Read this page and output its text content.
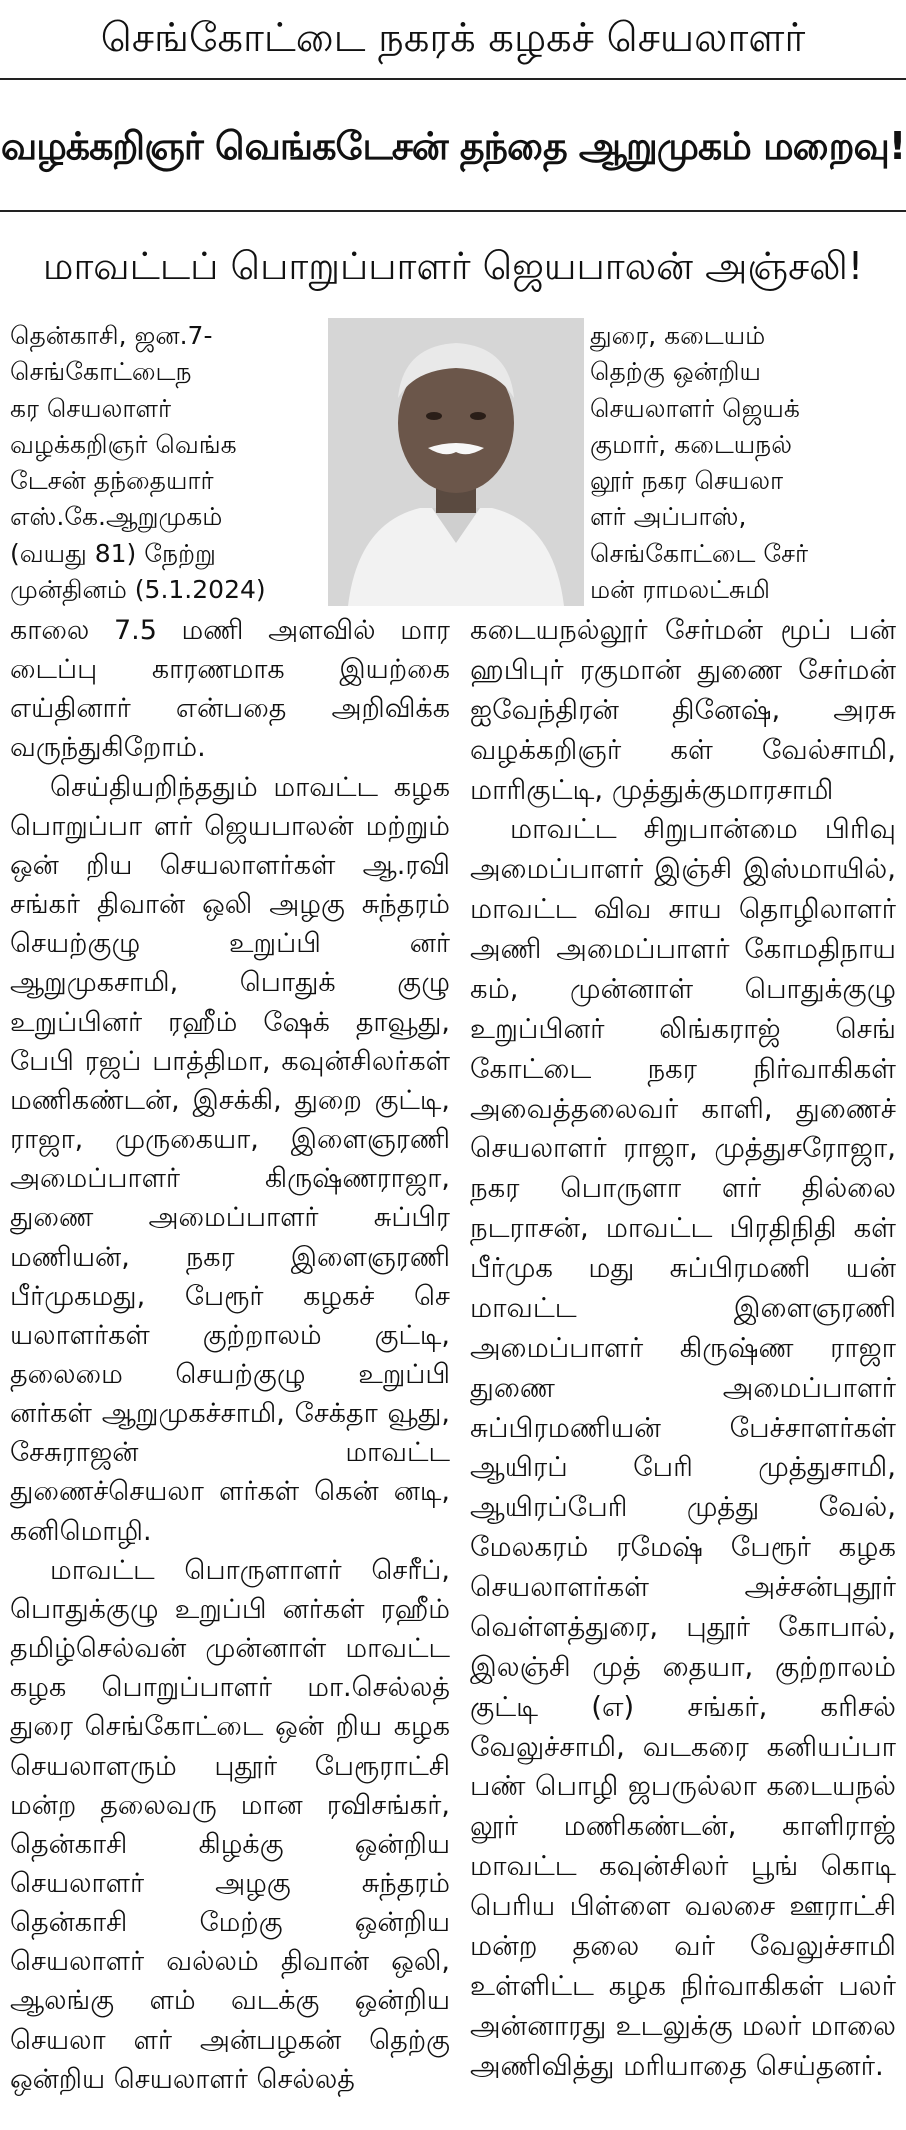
செங்கோட்டை நகரக் கழகச் செயலாளர்
வழக்கறிஞர் வெங்கடேசன் தந்தை ஆறுமுகம் மறைவு!
மாவட்டப் பொறுப்பாளர் ஜெயபாலன் அஞ்சலி!

தென்காசி, ஜன.7-

செங்கோட்டைந

கர செயலாளர்

வழக்கறிஞர் வெங்க

டேசன் தந்தையார்

எஸ்.கே.ஆறுமுகம்

(வயது 81) நேற்று

முன்தினம் (5.1.2024)

துரை, கடையம்

தெற்கு ஒன்றிய

செயலாளர் ஜெயக்

குமார், கடையநல்

லூர் நகர செயலா

ளர் அப்பாஸ்,

செங்கோட்டை சேர்

மன் ராமலட்சுமி

காலை 7.5 மணி அளவில் மார டைப்பு காரணமாக இயற்கை எய்தினார் என்பதை அறிவிக்க வருந்துகிறோம்.

செய்தியறிந்ததும் மாவட்ட கழக பொறுப்பா ளர் ஜெயபாலன் மற்றும் ஒன் றிய செயலாளர்கள் ஆ.ரவி சங்கர் திவான் ஒலி அழகு சுந்தரம் செயற்குழு உறுப்பி னர் ஆறுமுகசாமி, பொதுக் குழு உறுப்பினர் ரஹீம் ஷேக் தாவூது, பேபி ரஜப் பாத்திமா, கவுன்சிலர்கள் மணிகண்டன், இசக்கி, துறை குட்டி, ராஜா, முருகையா, இளைஞரணி அமைப்பாளர் கிருஷ்ணராஜா, துணை அமைப்பாளர் சுப்பிர மணியன், நகர இளைஞரணி பீர்முகமது, பேரூர் கழகச் செ யலாளர்கள் குற்றாலம் குட்டி, தலைமை செயற்குழு உறுப்பி னர்கள் ஆறுமுகச்சாமி, சேக்தா வூது, சேசுராஜன் மாவட்ட துணைச்செயலா ளர்கள் கென் னடி, கனிமொழி.

மாவட்ட பொருளாளர் செரீப், பொதுக்குழு உறுப்பி னர்கள் ரஹீம் தமிழ்செல்வன் முன்னாள் மாவட்ட கழக பொறுப்பாளர் மா.செல்லத் துரை செங்கோட்டை ஒன் றிய கழக செயலாளரும் புதூர் பேரூராட்சி மன்ற தலைவரு மான ரவிசங்கர், தென்காசி கிழக்கு ஒன்றிய செயலாளர் அழகு சுந்தரம் தென்காசி மேற்கு ஒன்றிய செயலாளர் வல்லம் திவான் ஒலி, ஆலங்கு ளம் வடக்கு ஒன்றிய செயலா ளர் அன்பழகன் தெற்கு ஒன்றிய செயலாளர் செல்லத்

கடையநல்லூர் சேர்மன் மூப் பன் ஹபிபுர் ரகுமான் துணை சேர்மன் ஐவேந்திரன் தினேஷ், அரசு வழக்கறிஞர் கள் வேல்சாமி, மாரிகுட்டி, முத்துக்குமாரசாமி

மாவட்ட சிறுபான்மை பிரிவு அமைப்பாளர் இஞ்சி இஸ்மாயில், மாவட்ட விவ சாய தொழிலாளர் அணி அமைப்பாளர் கோமதிநாய கம், முன்னாள் பொதுக்குழு உறுப்பினர் லிங்கராஜ் செங் கோட்டை நகர நிர்வாகிகள் அவைத்தலைவர் காளி, துணைச் செயலாளர் ராஜா, முத்துசரோஜா, நகர பொருளா ளர் தில்லை நடராசன், மாவட்ட பிரதிநிதி கள் பீர்முக மது சுப்பிரமணி யன் மாவட்ட இளைஞரணி அமைப்பாளர் கிருஷ்ண ராஜா துணை அமைப்பாளர் சுப்பிரமணியன் பேச்சாளர்கள் ஆயிரப் பேரி முத்துசாமி, ஆயிரப்பேரி முத்து வேல், மேலகரம் ரமேஷ் பேரூர் கழக செயலாளர்கள் அச்சன்புதூர் வெள்ளத்துரை, புதூர் கோபால், இலஞ்சி முத் தையா, குற்றாலம் குட்டி (எ) சங்கர், கரிசல் வேலுச்சாமி, வடகரை கனியப்பா பண் பொழி ஜபருல்லா கடையநல் லூர் மணிகண்டன், காளிராஜ் மாவட்ட கவுன்சிலர் பூங் கொடி பெரிய பிள்ளை வலசை ஊராட்சி மன்ற தலை வர் வேலுச்சாமி உள்ளிட்ட கழக நிர்வாகிகள் பலர் அன்னாரது உடலுக்கு மலர் மாலை அணிவித்து மரியாதை செய்தனர்.
